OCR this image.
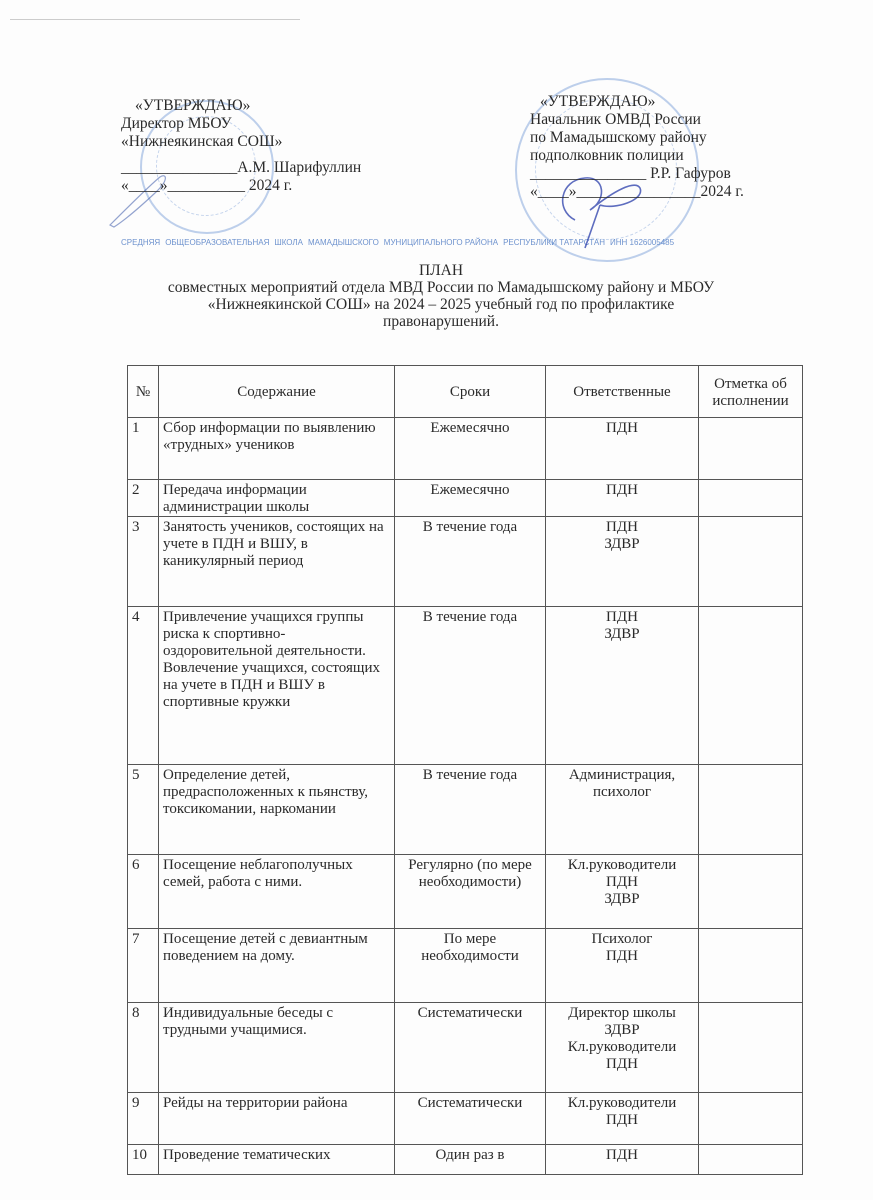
СРЕДНЯЯ ОБЩЕОБРАЗОВАТЕЛЬНАЯ ШКОЛА МАМАДЫШСКОГО МУНИЦИПАЛЬНОГО РАЙОНА РЕСПУБЛИКИ ТАТАРСТАН ИНН 1626005485
«УТВЕРЖДАЮ»
Директор МБОУ
«Нижнеякинская СОШ»
_______________А.М. Шарифуллин
«____»__________ 2024 г.
«УТВЕРЖДАЮ»
Начальник ОМВД России
по Мамадышскому району
подполковник полиции
_______________ Р.Р. Гафуров
«____»________________2024 г.
ПЛАН
совместных мероприятий отдела МВД России по Мамадышскому району и МБОУ
«Нижнеякинской СОШ» на 2024 – 2025 учебный год по профилактике
правонарушений.
№	Содержание	Сроки	Ответственные	Отметка об исполнении
1	Сбор информации по выявлению «трудных» учеников	Ежемесячно	ПДН	

2	Передача информации администрации школы	Ежемесячно	ПДН	

3	Занятость учеников, состоящих на учете в ПДН и ВШУ, в каникулярный период	В течение года	ПДН
ЗДВР	

4	Привлечение учащихся группы риска к спортивно-оздоровительной деятельности. Вовлечение учащихся, состоящих на учете в ПДН и ВШУ в спортивные кружки	В течение года	ПДН
ЗДВР	

5	Определение детей, предрасположенных к пьянству, токсикомании, наркомании	В течение года	Администрация,
психолог	

6	Посещение неблагополучных семей, работа с ними.	Регулярно (по мере необходимости)	Кл.руководители
ПДН
ЗДВР	

7	Посещение детей с девиантным поведением на дому.	По мере необходимости	Психолог
ПДН	

8	Индивидуальные беседы с трудными учащимися.	Систематически	Директор школы
ЗДВР
Кл.руководители
ПДН	

9	Рейды на территории района	Систематически	Кл.руководители
ПДН	

10	Проведение тематических	Один раз в	ПДН	
